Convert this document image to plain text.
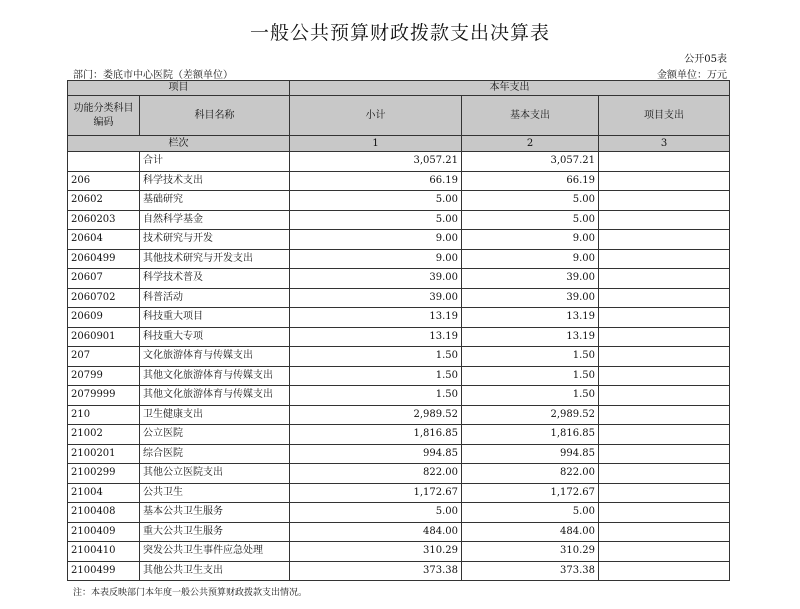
一般公共预算财政拨款支出决算表
公开05表
部门：娄底市中心医院（差额单位）	金额单位：万元
项目		本年支出		
功能分类科目编码	科目名称	小计	基本支出	项目支出
栏次		1	2	3
	合计	3,057.21	3,057.21	
206	科学技术支出	66.19	66.19	
20602	基础研究	5.00	5.00	
2060203	自然科学基金	5.00	5.00	
20604	技术研究与开发	9.00	9.00	
2060499	其他技术研究与开发支出	9.00	9.00	
20607	科学技术普及	39.00	39.00	
2060702	科普活动	39.00	39.00	
20609	科技重大项目	13.19	13.19	
2060901	科技重大专项	13.19	13.19	
207	文化旅游体育与传媒支出	1.50	1.50	
20799	其他文化旅游体育与传媒支出	1.50	1.50	
2079999	其他文化旅游体育与传媒支出	1.50	1.50	
210	卫生健康支出	2,989.52	2,989.52	
21002	公立医院	1,816.85	1,816.85	
2100201	综合医院	994.85	994.85	
2100299	其他公立医院支出	822.00	822.00	
21004	公共卫生	1,172.67	1,172.67	
2100408	基本公共卫生服务	5.00	5.00	
2100409	重大公共卫生服务	484.00	484.00	
2100410	突发公共卫生事件应急处理	310.29	310.29	
2100499	其他公共卫生支出	373.38	373.38	
注：本表反映部门本年度一般公共预算财政拨款支出情况。
